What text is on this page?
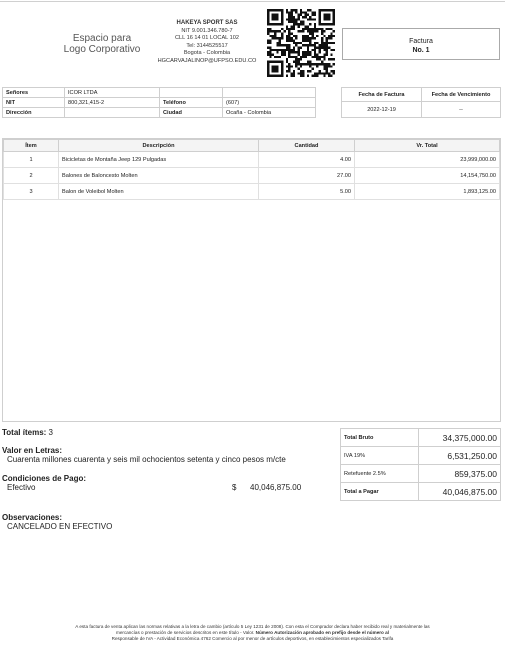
Espacio para
Logo Corporativo
HAKEYA SPORT SAS
NIT 9.001.346.780-7
CLL 16 14 01 LOCAL 102
Tel: 3144525517
Bogota - Colombia
HGCARVAJALINOP@UFPSO.EDU.CO
Factura
No. 1
Señores	ICOR LTDA		
NIT	800,321,415-2	Teléfono	(607)
Dirección		Ciudad	Ocaña - Colombia
Fecha de Factura	Fecha de Vencimiento
2022-12-19	--
Ítem	Descripción	Cantidad	Vr. Total
1	Bicicletas de Montaña Jeep 129 Pulgadas	4.00	23,999,000.00
2	Balones de Baloncesto Molten	27.00	14,154,750.00
3	Balon de Voleibol Molten	5.00	1,893,125.00
Total ítems: 3
Valor en Letras:
Cuarenta millones cuarenta y seis mil ochocientos setenta y cinco pesos m/cte
Condiciones de Pago:
Efectivo	$ 40,046,875.00
Observaciones:
CANCELADO EN EFECTIVO
Total Bruto	34,375,000.00
IVA 19%	6,531,250.00
Retefuente 2.5%	859,375.00
Total a Pagar	40,046,875.00
A esta factura de venta aplican las normas relativas a la letra de cambio (artículo 5 Ley 1231 de 2008). Con esta el Comprador declara haber recibido real y materialmente las
mercancías o prestación de servicios descritos en este título - Valor. Número Autorización aprobado en prefijo desde el número al
Responsable de IVA - Actividad Económica 4762 Comercio al por menor de artículos deportivos, en establecimientos especializados Tarifa
